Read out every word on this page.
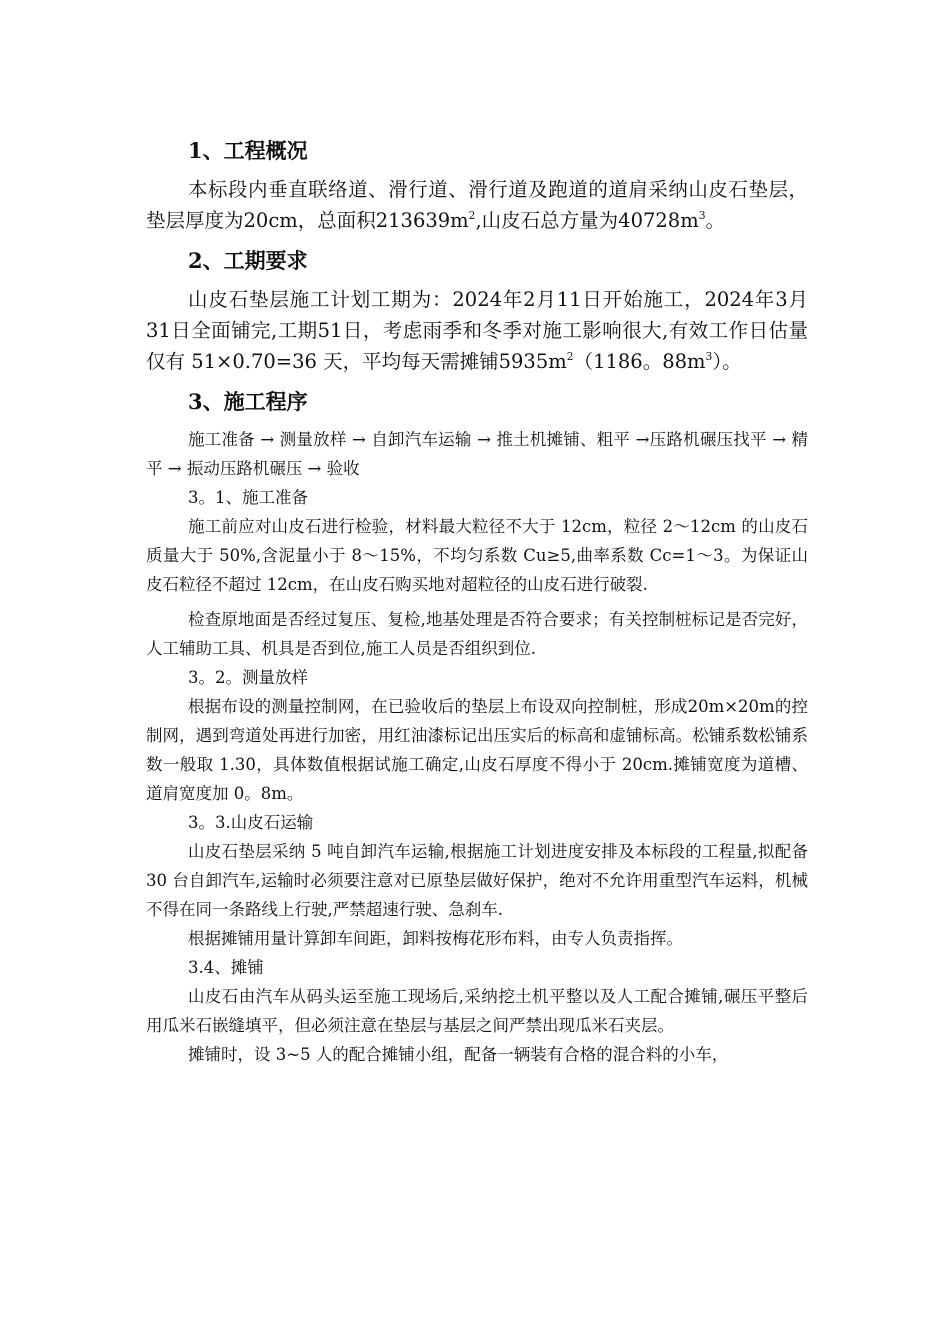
1、工程概况

本标段内垂直联络道、滑行道、滑行道及跑道的道肩采纳山皮石垫层，垫层厚度为20cm，总面积$213639m^2$,山皮石总方量为$40728m^3$。

2、工期要求

山皮石垫层施工计划工期为：2024年2月11日开始施工，2024年3月31日全面铺完,工期51日，考虑雨季和冬季对施工影响很大,有效工作日估量仅有 51×0.70=36 天，平均每天需摊铺$5935m^2(1186$。$88m^3$）。

3、施工程序

施工准备 → 测量放样 → 自卸汽车运输 → 推土机摊铺、粗平 →压路机碾压找平 → 精平 → 振动压路机碾压 → 验收

3。1、施工准备

施工前应对山皮石进行检验，材料最大粒径不大于 12cm，粒径 2～12cm 的山皮石质量大于 50%,含泥量小于 8～15%，不均匀系数 Cu≥5,曲率系数 Cc=1～3。为保证山皮石粒径不超过 12cm，在山皮石购买地对超粒径的山皮石进行破裂.

检查原地面是否经过复压、复检,地基处理是否符合要求；有关控制桩标记是否完好，人工辅助工具、机具是否到位,施工人员是否组织到位.

3。2。测量放样

根据布设的测量控制网，在已验收后的垫层上布设双向控制桩，形成20m×20m的控制网，遇到弯道处再进行加密，用红油漆标记出压实后的标高和虚铺标高。松铺系数松铺系数一般取 1.30，具体数值根据试施工确定,山皮石厚度不得小于 20cm.摊铺宽度为道槽、道肩宽度加 0。8m。

3。3.山皮石运输

山皮石垫层采纳 5 吨自卸汽车运输,根据施工计划进度安排及本标段的工程量,拟配备 30 台自卸汽车,运输时必须要注意对已原垫层做好保护，绝对不允许用重型汽车运料，机械不得在同一条路线上行驶,严禁超速行驶、急刹车.

根据摊铺用量计算卸车间距，卸料按梅花形布料，由专人负责指挥。

3.4、摊铺

山皮石由汽车从码头运至施工现场后,采纳挖土机平整以及人工配合摊铺,碾压平整后用瓜米石嵌缝填平，但必须注意在垫层与基层之间严禁出现瓜米石夹层。

摊铺时，设 3~5 人的配合摊铺小组，配备一辆装有合格的混合料的小车，
